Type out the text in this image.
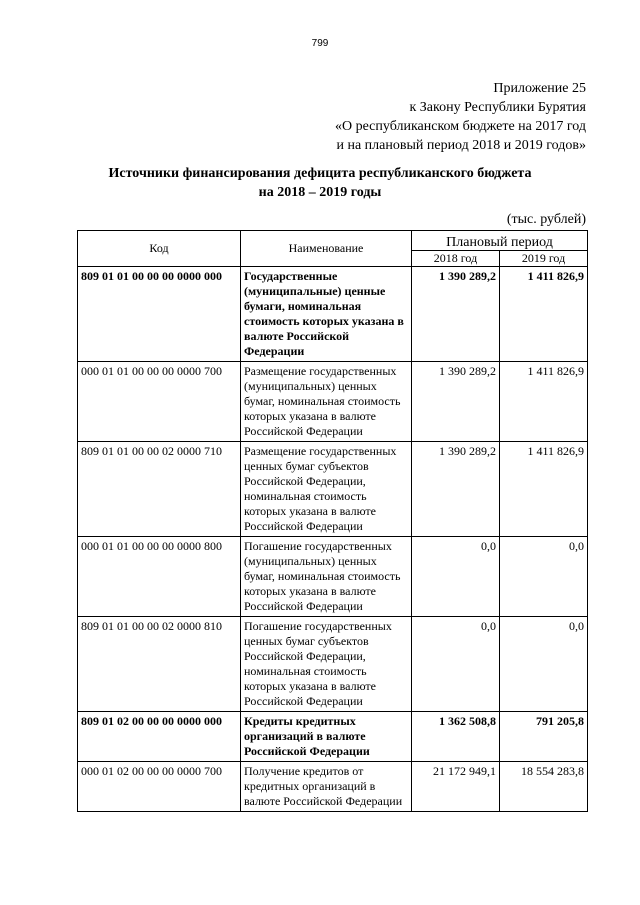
799
Приложение 25
к Закону Республики Бурятия
«О республиканском бюджете на 2017 год
и на плановый период 2018 и 2019 годов»
Источники финансирования дефицита республиканского бюджета
на 2018 – 2019 годы
(тыс. рублей)
Код	Наименование	Плановый период	
		2018 год	2019 год
809 01 01 00 00 00 0000 000	Государственные (муниципальные) ценные бумаги, номинальная стоимость которых указана в валюте Российской Федерации	1 390 289,2	1 411 826,9
000 01 01 00 00 00 0000 700	Размещение государственных (муниципальных) ценных бумаг, номинальная стоимость которых указана в валюте Российской Федерации	1 390 289,2	1 411 826,9
809 01 01 00 00 02 0000 710	Размещение государственных ценных бумаг субъектов Российской Федерации, номинальная стоимость которых указана в валюте Российской Федерации	1 390 289,2	1 411 826,9
000 01 01 00 00 00 0000 800	Погашение государственных (муниципальных) ценных бумаг, номинальная стоимость которых указана в валюте Российской Федерации	0,0	0,0
809 01 01 00 00 02 0000 810	Погашение государственных ценных бумаг субъектов Российской Федерации, номинальная стоимость которых указана в валюте Российской Федерации	0,0	0,0
809 01 02 00 00 00 0000 000	Кредиты кредитных организаций в валюте Российской Федерации	1 362 508,8	791 205,8
000 01 02 00 00 00 0000 700	Получение кредитов от кредитных организаций в валюте Российской Федерации	21 172 949,1	18 554 283,8
